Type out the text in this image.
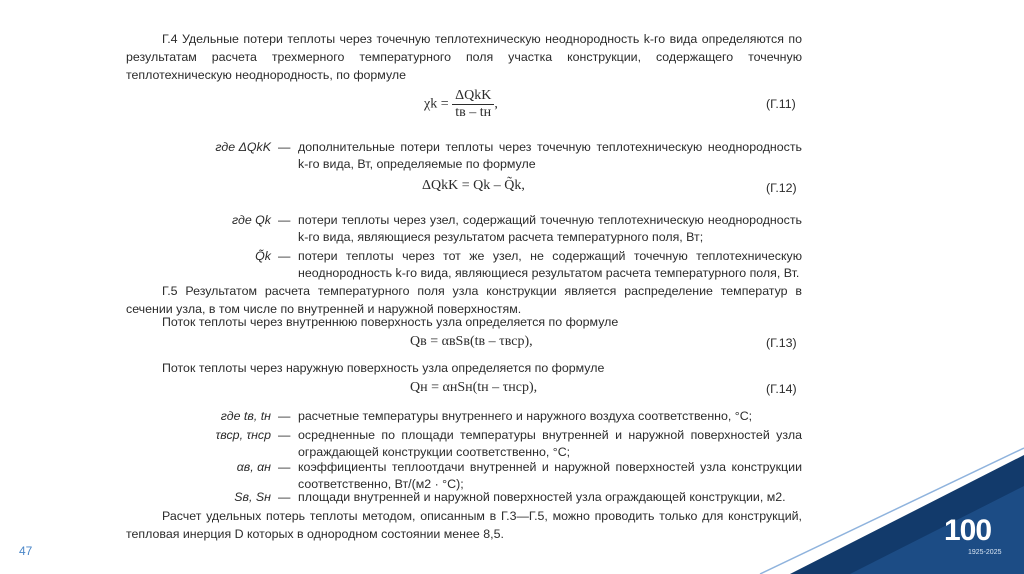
Г.4 Удельные потери теплоты через точечную теплотехническую неоднородность k-го вида определяются по результатам расчета трехмерного температурного поля участка конструкции, содержащего точечную теплотехническую неоднородность, по формуле
$\chi k = \frac{\text{ΔQkK}}{tв - tн}$ ,	(Г.11)
где ΔQkK — дополнительные потери теплоты через точечную теплотехническую неоднородность k-го вида, Вт, определяемые по формуле
ΔQkK = Qk – Q̃k,	(Г.12)
где Qk — потери теплоты через узел, содержащий точечную теплотехническую неоднородность k-го вида, являющиеся результатом расчета температурного поля, Вт;
Q̃k — потери теплоты через тот же узел, не содержащий точечную теплотехническую неоднородность k-го вида, являющиеся результатом расчета температурного поля, Вт.
Г.5 Результатом расчета температурного поля узла конструкции является распределение температур в сечении узла, в том числе по внутренней и наружной поверхностям.
Поток теплоты через внутреннюю поверхность узла определяется по формуле
Qв = αвSв(tв – τвср),	(Г.13)
Поток теплоты через наружную поверхность узла определяется по формуле
Qн = αнSн(tн – τнср),	(Г.14)
где tв, tн — расчетные температуры внутреннего и наружного воздуха соответственно, °С;
τвср, τнср — осредненные по площади температуры внутренней и наружной поверхностей узла ограждающей конструкции соответственно, °С;
αв, αн — коэффициенты теплоотдачи внутренней и наружной поверхностей узла конструкции соответственно, Вт/(м2 · °С);
Sв, Sн — площади внутренней и наружной поверхностей узла ограждающей конструкции, м2.
Расчет удельных потерь теплоты методом, описанным в Г.3—Г.5, можно проводить только для конструкций, тепловая инерция D которых в однородном состоянии менее 8,5.
47
100
1925-2025
